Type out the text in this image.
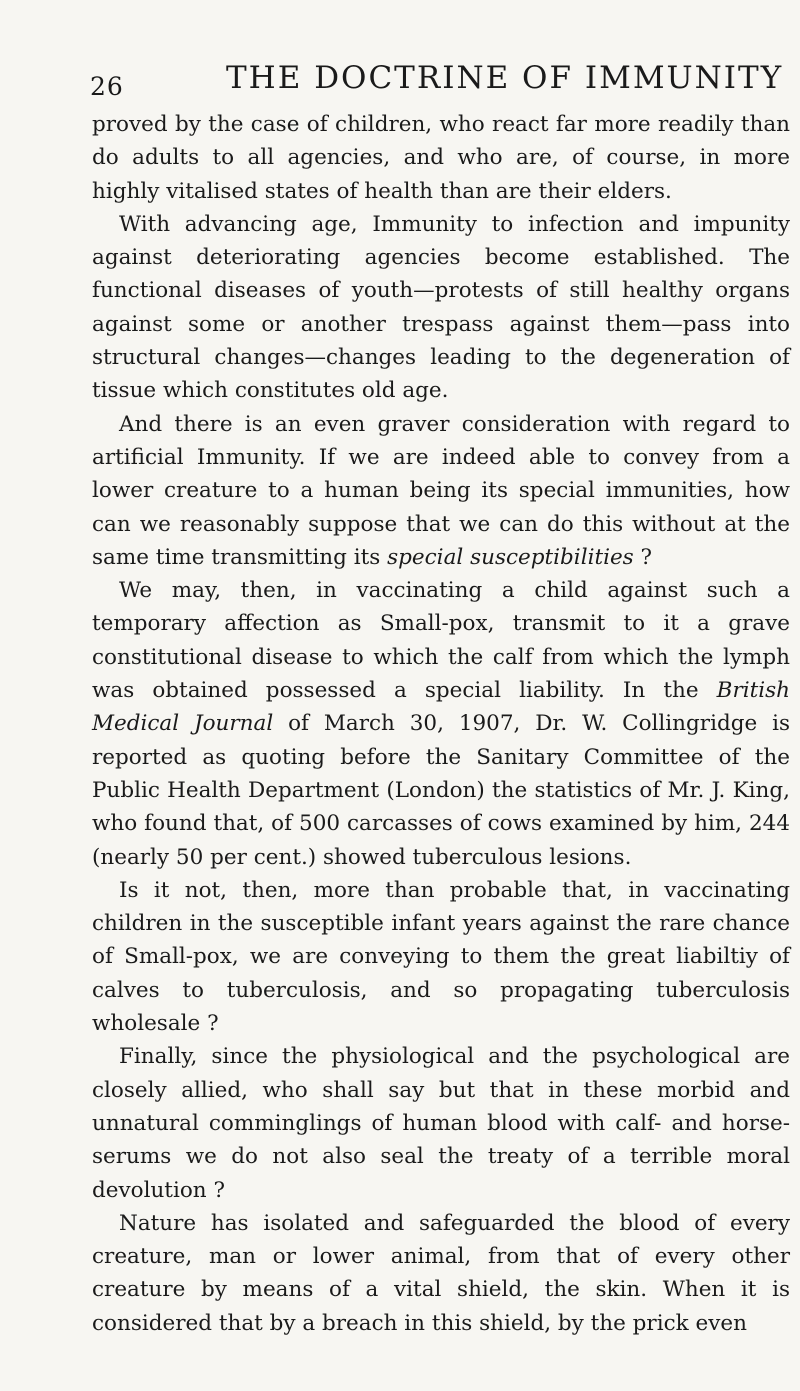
26	THE DOCTRINE OF IMMUNITY

proved by the case of children, who react far more readily than do adults to all agencies, and who are, of course, in more highly vitalised states of health than are their elders.

With advancing age, Immunity to infection and impunity against deteriorating agencies become established. The functional diseases of youth—protests of still healthy organs against some or another trespass against them—pass into structural changes—changes leading to the degeneration of tissue which constitutes old age.

And there is an even graver consideration with regard to artificial Immunity. If we are indeed able to convey from a lower creature to a human being its special immunities, how can we reasonably suppose that we can do this without at the same time transmitting its special susceptibilities ?

We may, then, in vaccinating a child against such a temporary affection as Small-pox, transmit to it a grave constitutional disease to which the calf from which the lymph was obtained possessed a special liability. In the British Medical Journal of March 30, 1907, Dr. W. Collingridge is reported as quoting before the Sanitary Committee of the Public Health Department (London) the statistics of Mr. J. King, who found that, of 500 carcasses of cows examined by him, 244 (nearly 50 per cent.) showed tuberculous lesions.

Is it not, then, more than probable that, in vaccinating children in the susceptible infant years against the rare chance of Small-pox, we are conveying to them the great liabiltiy of calves to tuberculosis, and so propagating tuberculosis wholesale ?

Finally, since the physiological and the psychological are closely allied, who shall say but that in these morbid and unnatural comminglings of human blood with calf- and horse-serums we do not also seal the treaty of a terrible moral devolution ?

Nature has isolated and safeguarded the blood of every creature, man or lower animal, from that of every other creature by means of a vital shield, the skin. When it is considered that by a breach in this shield, by the prick even
